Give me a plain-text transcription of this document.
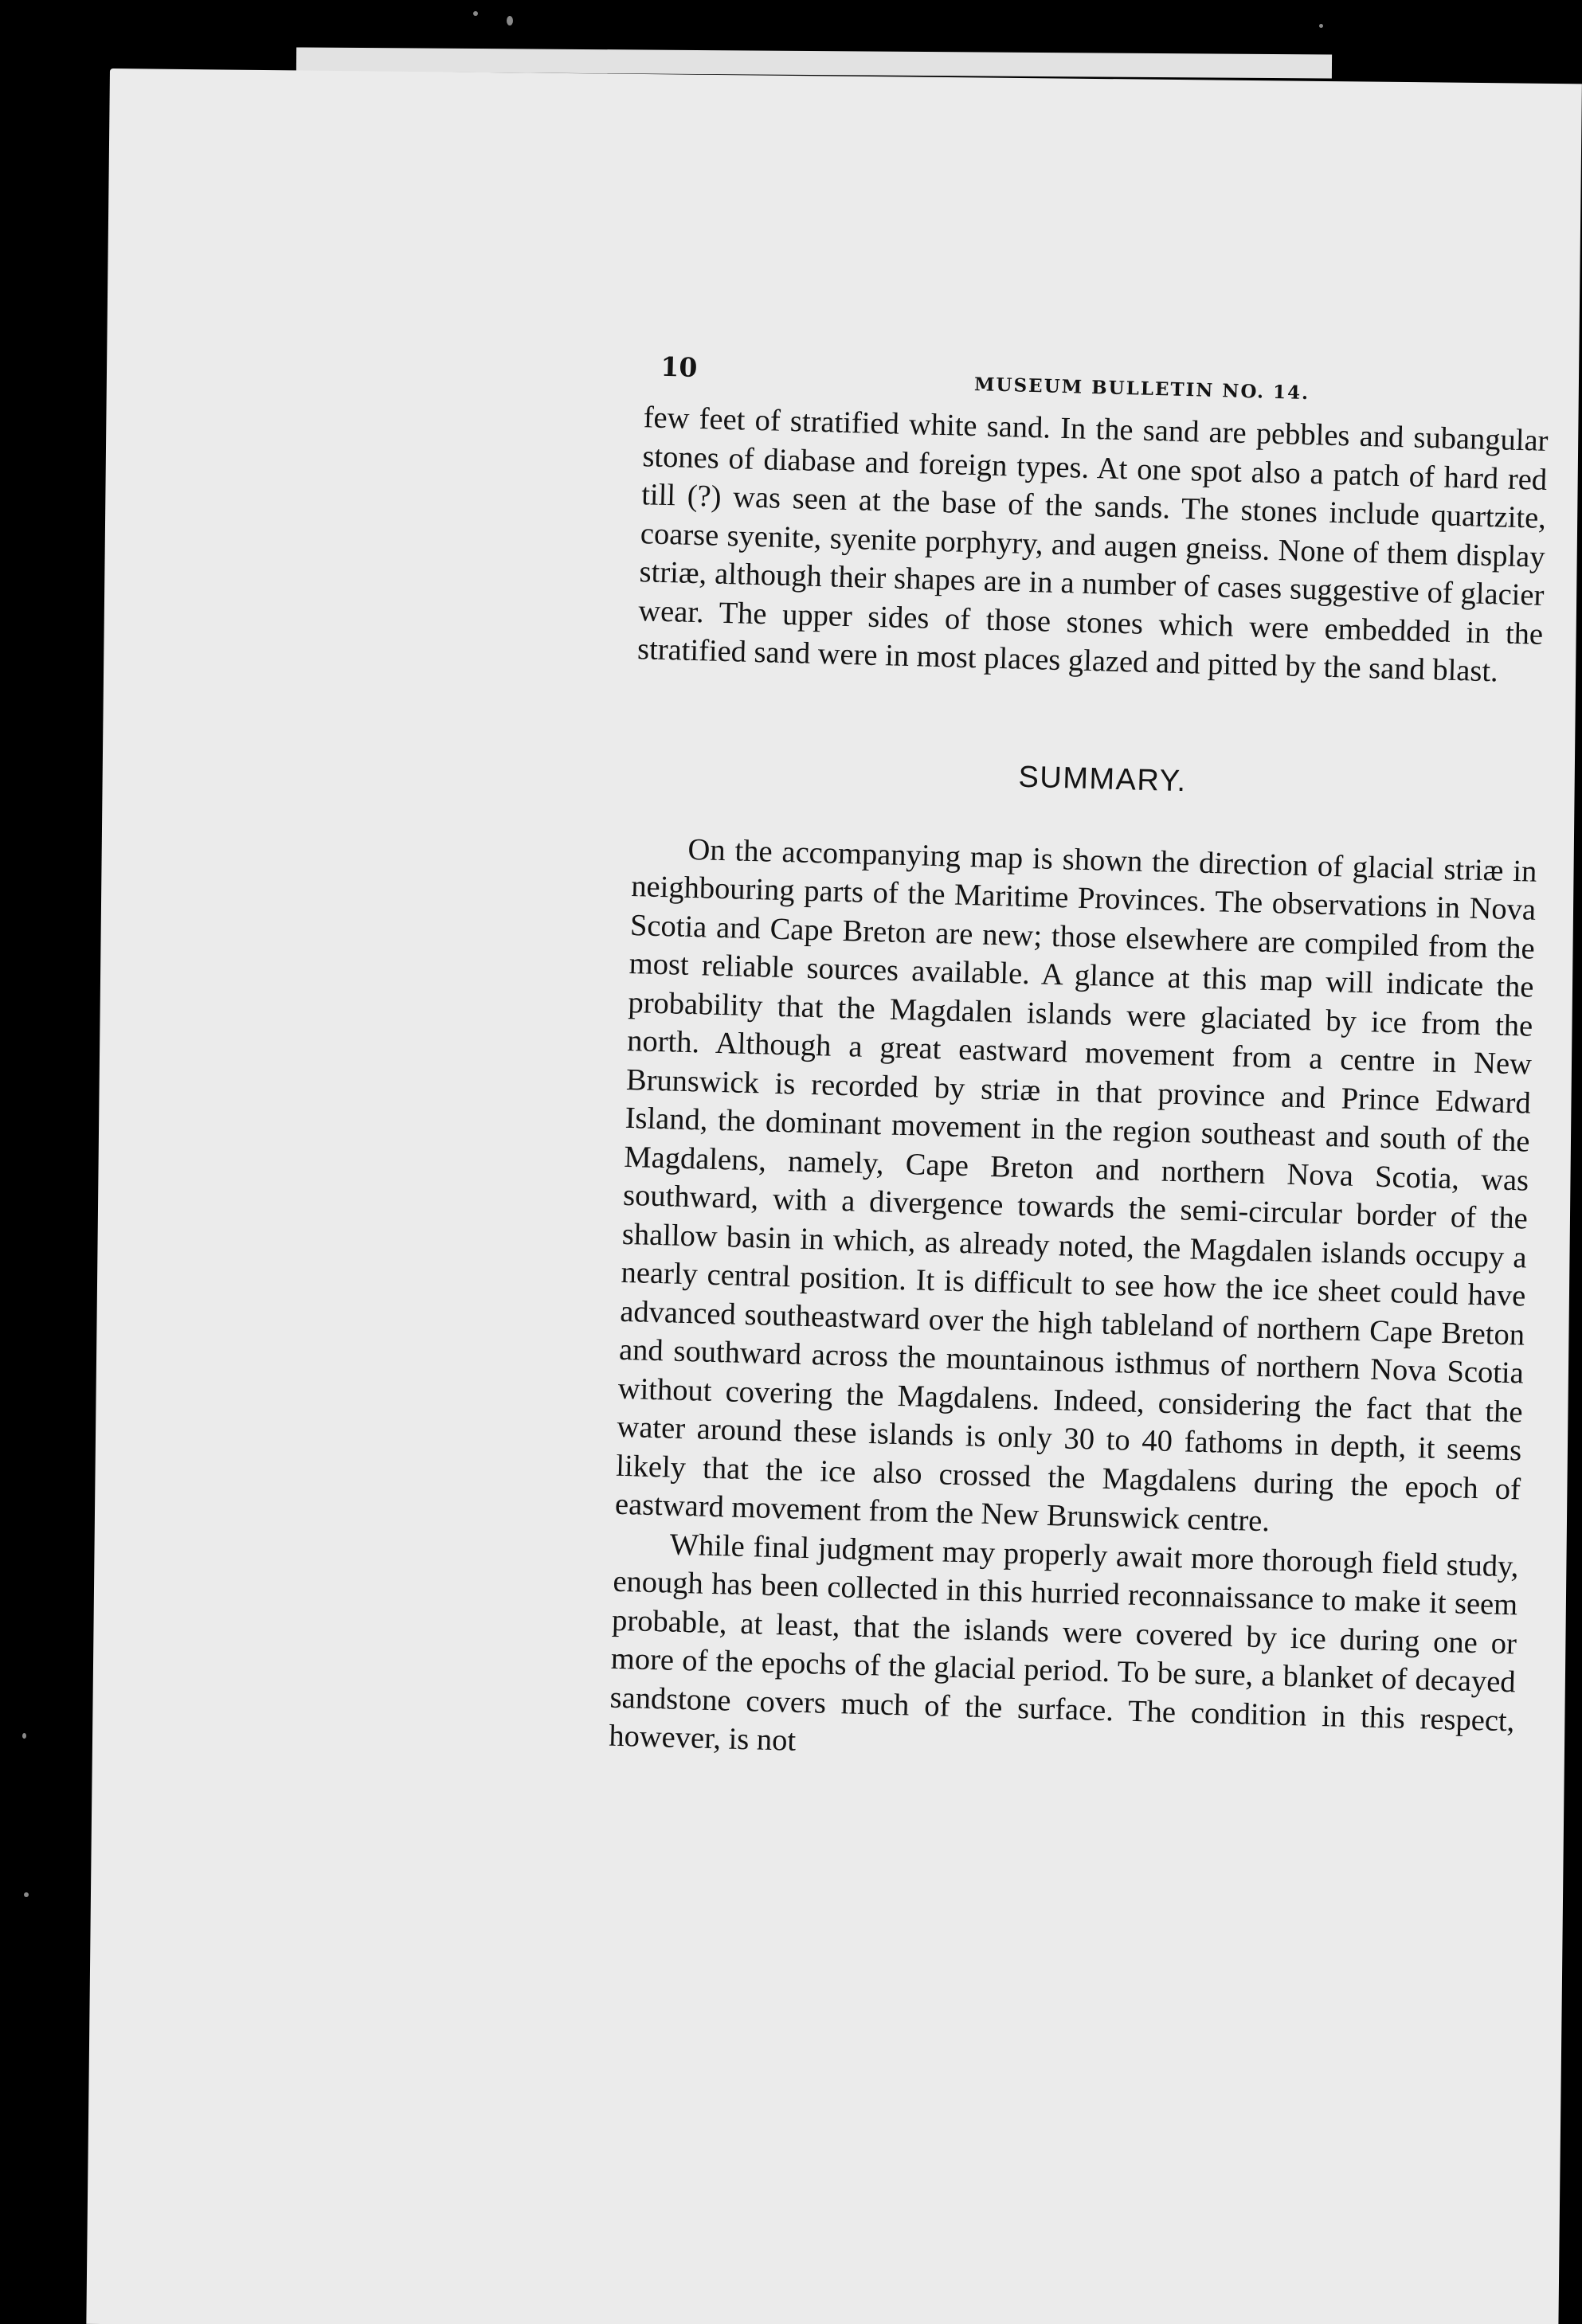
10
MUSEUM BULLETIN NO. 14.

few feet of stratified white sand. In the sand are pebbles and subangular stones of diabase and foreign types. At one spot also a patch of hard red till (?) was seen at the base of the sands. The stones include quartzite, coarse syenite, syenite porphyry, and augen gneiss. None of them display striæ, although their shapes are in a number of cases suggestive of glacier wear. The upper sides of those stones which were embedded in the stratified sand were in most places glazed and pitted by the sand blast.

SUMMARY.

On the accompanying map is shown the direction of glacial striæ in neighbouring parts of the Maritime Provinces. The observations in Nova Scotia and Cape Breton are new; those elsewhere are compiled from the most reliable sources available. A glance at this map will indicate the probability that the Magdalen islands were glaciated by ice from the north. Although a great eastward movement from a centre in New Brunswick is recorded by striæ in that province and Prince Edward Island, the dominant movement in the region southeast and south of the Magdalens, namely, Cape Breton and northern Nova Scotia, was southward, with a divergence towards the semi-circular border of the shallow basin in which, as already noted, the Magdalen islands occupy a nearly central position. It is difficult to see how the ice sheet could have advanced southeastward over the high tableland of northern Cape Breton and southward across the mountainous isthmus of northern Nova Scotia without covering the Magdalens. Indeed, considering the fact that the water around these islands is only 30 to 40 fathoms in depth, it seems likely that the ice also crossed the Magdalens during the epoch of eastward movement from the New Brunswick centre.

While final judgment may properly await more thorough field study, enough has been collected in this hurried reconnaissance to make it seem probable, at least, that the islands were covered by ice during one or more of the epochs of the glacial period. To be sure, a blanket of decayed sandstone covers much of the surface. The condition in this respect, however, is not
